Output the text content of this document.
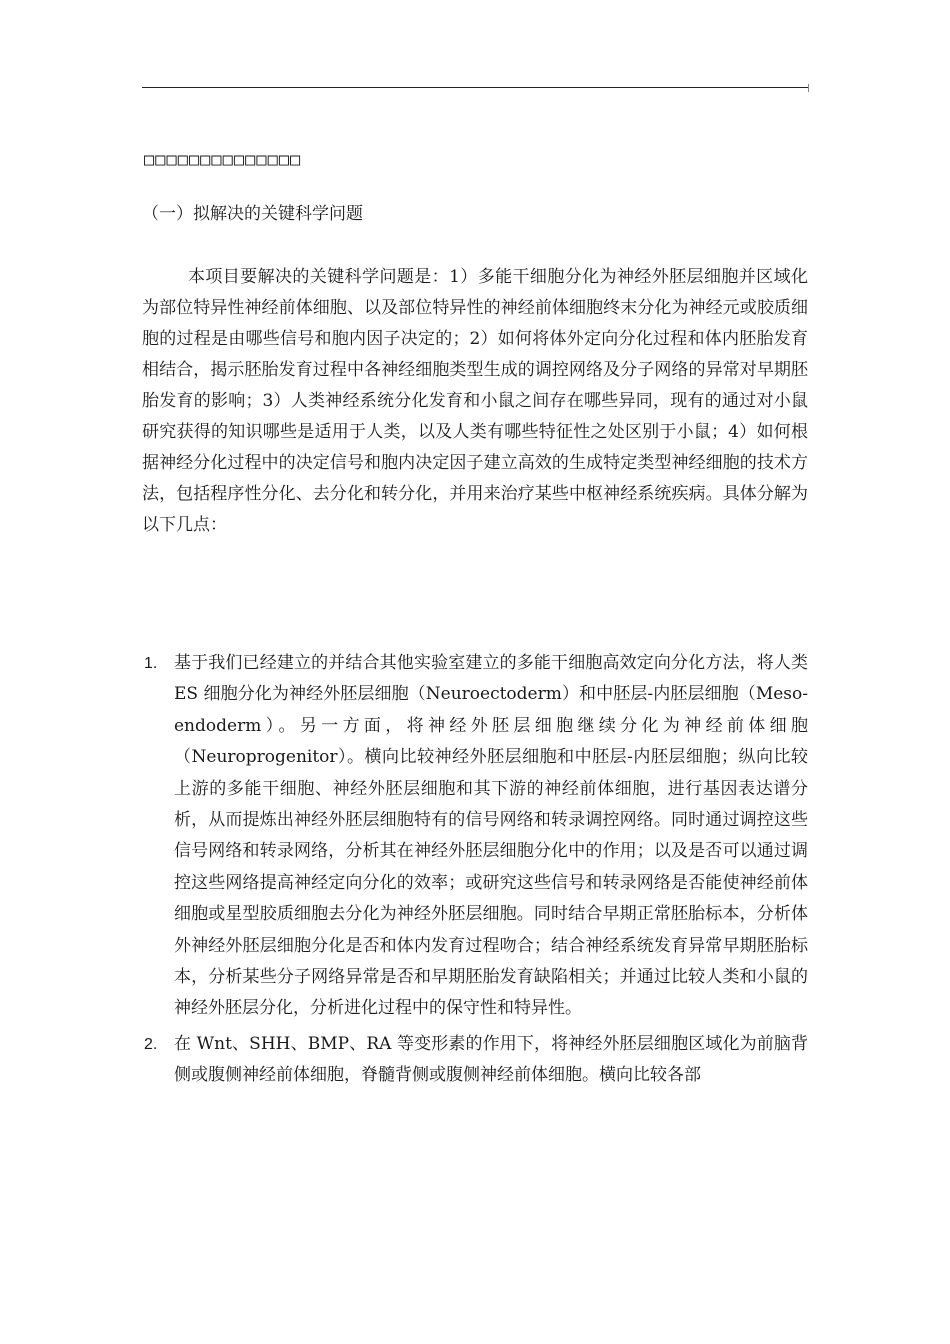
□□□□□□□□□□□□□□
（一）拟解决的关键科学问题

本项目要解决的关键科学问题是：1）多能干细胞分化为神经外胚层细胞并区域化为部位特异性神经前体细胞、以及部位特异性的神经前体细胞终末分化为神经元或胶质细胞的过程是由哪些信号和胞内因子决定的；2）如何将体外定向分化过程和体内胚胎发育相结合，揭示胚胎发育过程中各神经细胞类型生成的调控网络及分子网络的异常对早期胚胎发育的影响；3）人类神经系统分化发育和小鼠之间存在哪些异同，现有的通过对小鼠研究获得的知识哪些是适用于人类，以及人类有哪些特征性之处区别于小鼠；4）如何根据神经分化过程中的决定信号和胞内决定因子建立高效的生成特定类型神经细胞的技术方法，包括程序性分化、去分化和转分化，并用来治疗某些中枢神经系统疾病。具体分解为以下几点：

1. 基于我们已经建立的并结合其他实验室建立的多能干细胞高效定向分化方法，将人类 ES 细胞分化为神经外胚层细胞（Neuroectoderm）和中胚层-内胚层细胞（Meso-endoderm）。另一方面，将神经外胚层细胞继续分化为神经前体细胞（Neuroprogenitor）。横向比较神经外胚层细胞和中胚层-内胚层细胞；纵向比较上游的多能干细胞、神经外胚层细胞和其下游的神经前体细胞，进行基因表达谱分析，从而提炼出神经外胚层细胞特有的信号网络和转录调控网络。同时通过调控这些信号网络和转录网络，分析其在神经外胚层细胞分化中的作用；以及是否可以通过调控这些网络提高神经定向分化的效率；或研究这些信号和转录网络是否能使神经前体细胞或星型胶质细胞去分化为神经外胚层细胞。同时结合早期正常胚胎标本，分析体外神经外胚层细胞分化是否和体内发育过程吻合；结合神经系统发育异常早期胚胎标本，分析某些分子网络异常是否和早期胚胎发育缺陷相关；并通过比较人类和小鼠的神经外胚层分化，分析进化过程中的保守性和特异性。
2. 在 Wnt、SHH、BMP、RA 等变形素的作用下，将神经外胚层细胞区域化为前脑背侧或腹侧神经前体细胞，脊髓背侧或腹侧神经前体细胞。横向比较各部
